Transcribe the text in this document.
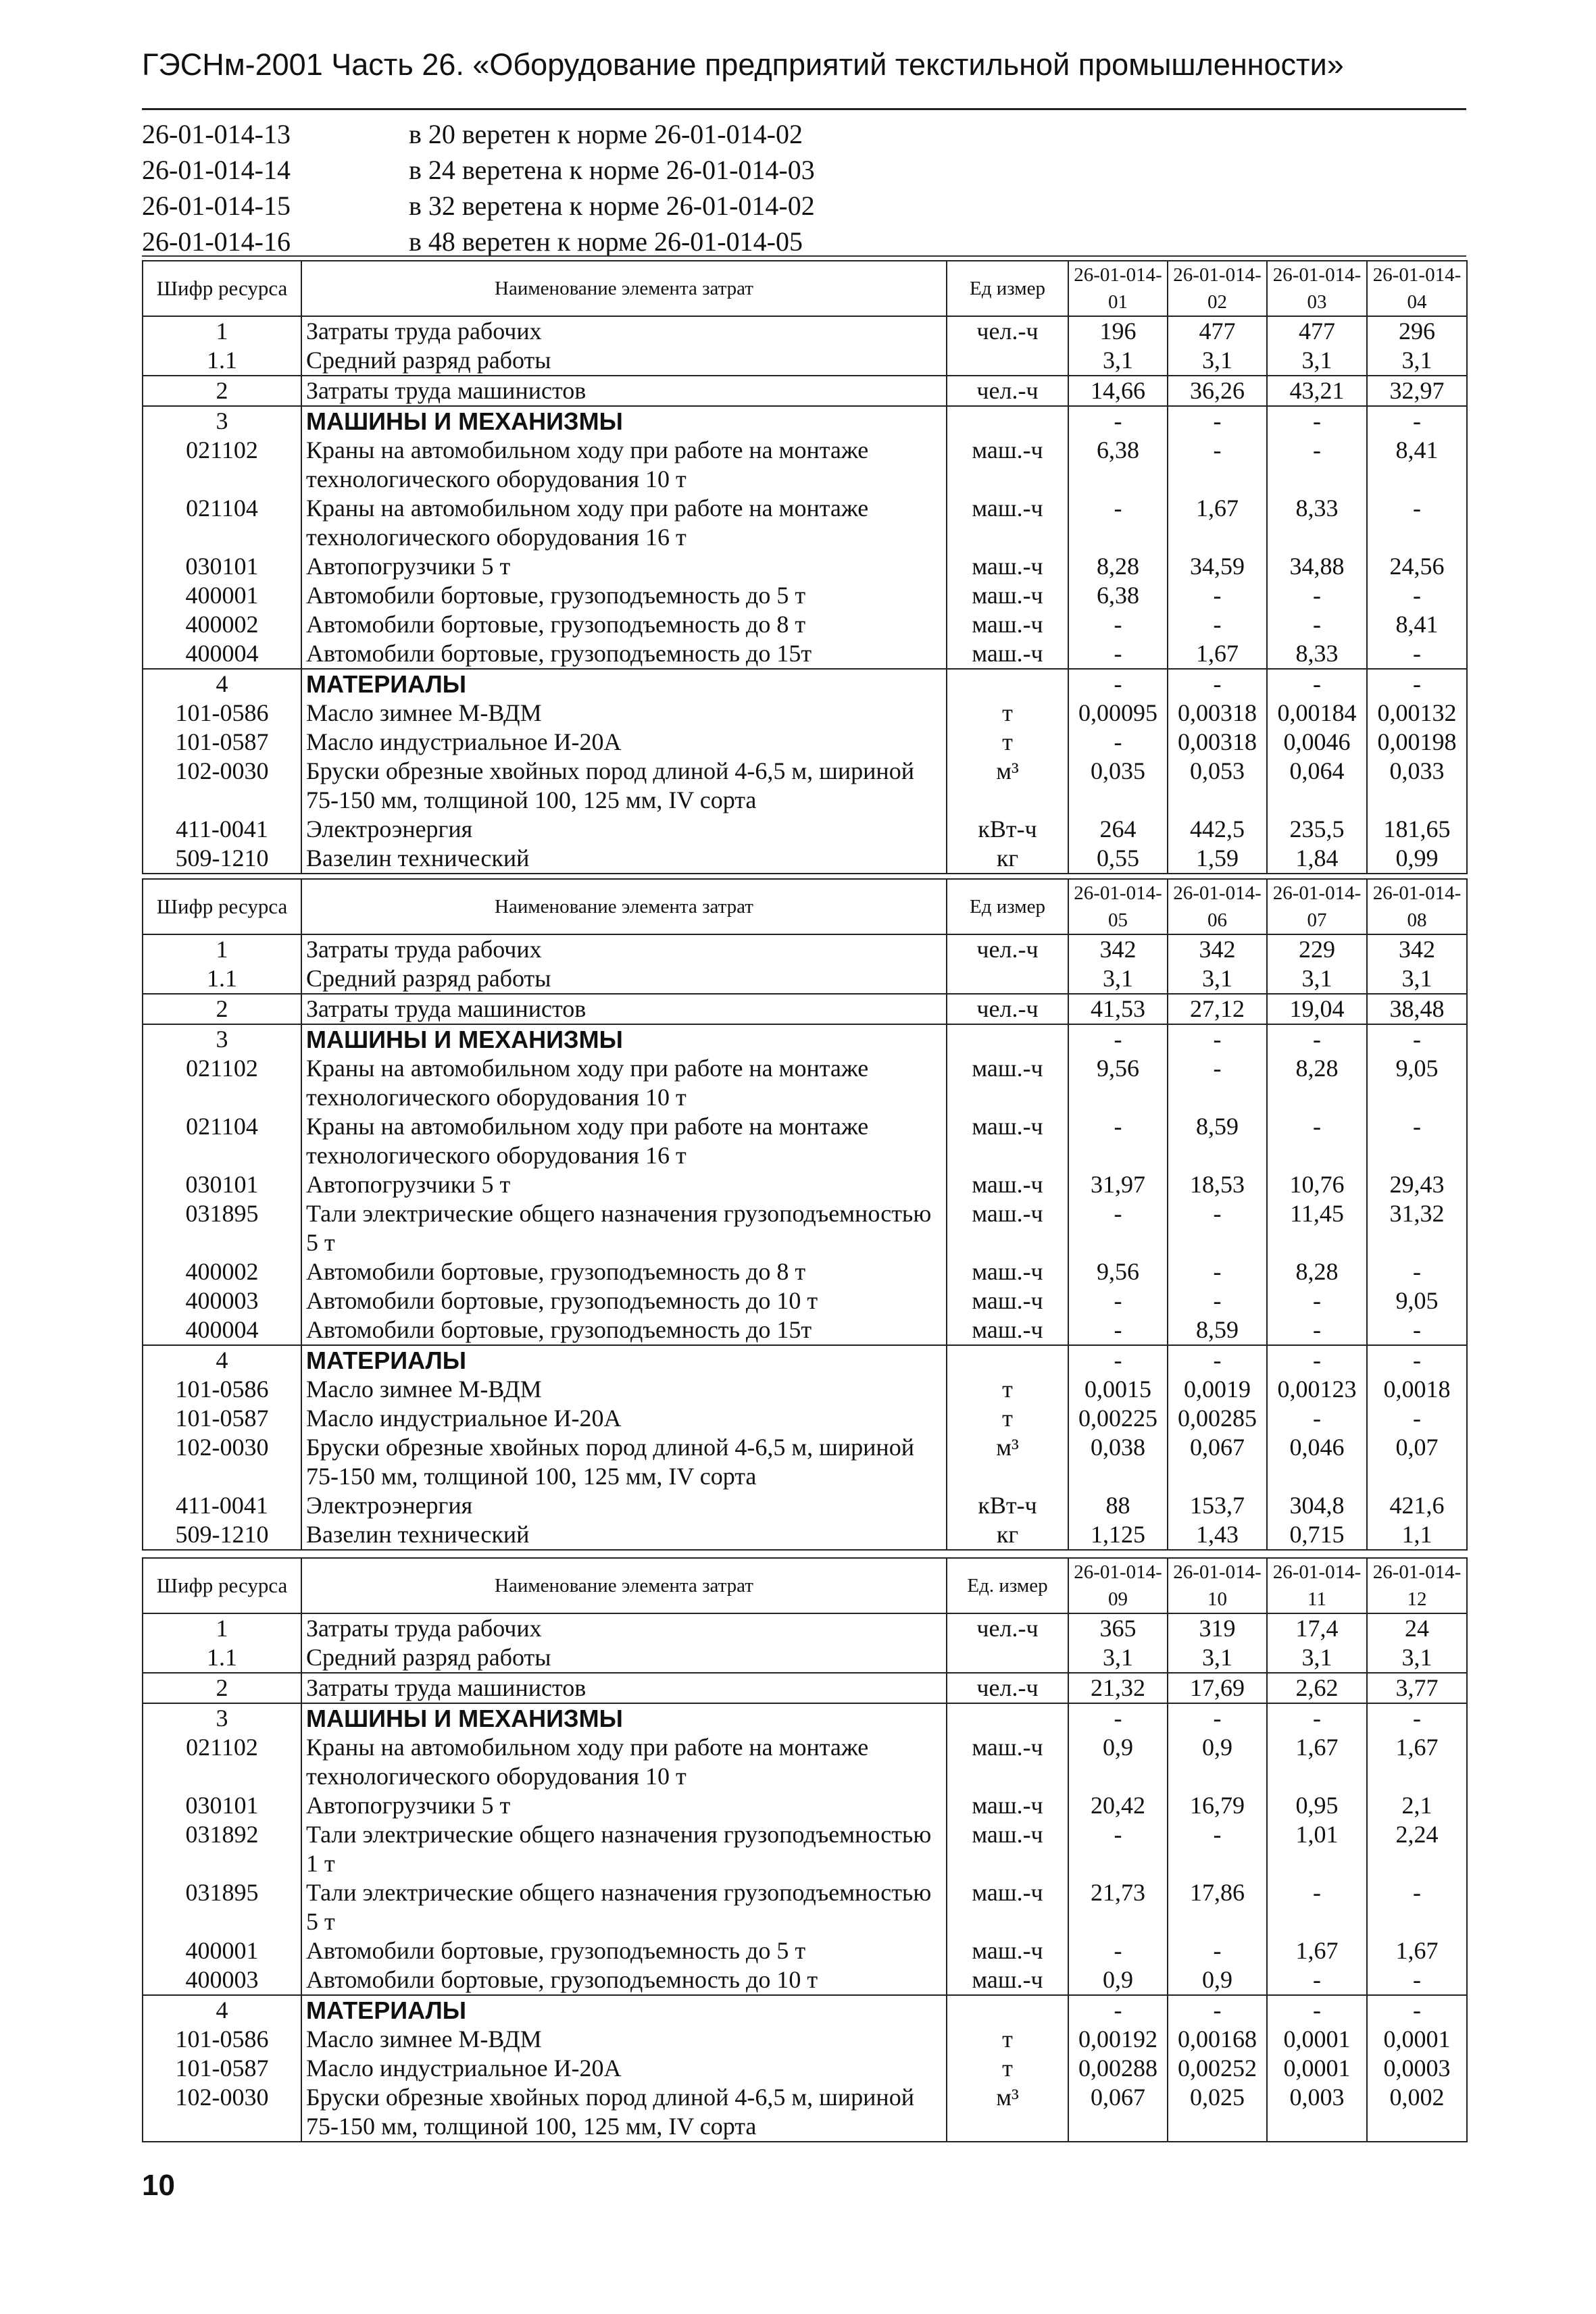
ГЭСНм-2001 Часть 26. «Оборудование предприятий текстильной промышленности»
26-01-014-13	в 20 веретен к норме 26-01-014-02
26-01-014-14	в 24 веретена к норме 26-01-014-03
26-01-014-15	в 32 веретена к норме 26-01-014-02
26-01-014-16	в 48 веретен к норме 26-01-014-05
Шифр ресурса	Наименование элемента затрат	Ед измер	26-01-014-01	26-01-014-02	26-01-014-03	26-01-014-04
1	Затраты труда рабочих	чел.-ч	196	477	477	296
1.1	Средний разряд работы		3,1	3,1	3,1	3,1
2	Затраты труда машинистов	чел.-ч	14,66	36,26	43,21	32,97
3	МАШИНЫ И МЕХАНИЗМЫ		-	-	-	-
021102	Краны на автомобильном ходу при работе на монтаже технологического оборудования 10 т	маш.-ч	6,38	-	-	8,41
021104	Краны на автомобильном ходу при работе на монтаже технологического оборудования 16 т	маш.-ч	-	1,67	8,33	-
030101	Автопогрузчики 5 т	маш.-ч	8,28	34,59	34,88	24,56
400001	Автомобили бортовые, грузоподъемность до 5 т	маш.-ч	6,38	-	-	-
400002	Автомобили бортовые, грузоподъемность до 8 т	маш.-ч	-	-	-	8,41
400004	Автомобили бортовые, грузоподъемность до 15т	маш.-ч	-	1,67	8,33	-
4	МАТЕРИАЛЫ		-	-	-	-
101-0586	Масло зимнее М-ВДМ	т	0,00095	0,00318	0,00184	0,00132
101-0587	Масло индустриальное И-20А	т	-	0,00318	0,0046	0,00198
102-0030	Бруски обрезные хвойных пород длиной 4-6,5 м, шириной 75-150 мм, толщиной 100, 125 мм, IV сорта	м³	0,035	0,053	0,064	0,033
411-0041	Электроэнергия	кВт-ч	264	442,5	235,5	181,65
509-1210	Вазелин технический	кг	0,55	1,59	1,84	0,99
Шифр ресурса	Наименование элемента затрат	Ед измер	26-01-014-05	26-01-014-06	26-01-014-07	26-01-014-08
1	Затраты труда рабочих	чел.-ч	342	342	229	342
1.1	Средний разряд работы		3,1	3,1	3,1	3,1
2	Затраты труда машинистов	чел.-ч	41,53	27,12	19,04	38,48
3	МАШИНЫ И МЕХАНИЗМЫ		-	-	-	-
021102	Краны на автомобильном ходу при работе на монтаже технологического оборудования 10 т	маш.-ч	9,56	-	8,28	9,05
021104	Краны на автомобильном ходу при работе на монтаже технологического оборудования 16 т	маш.-ч	-	8,59	-	-
030101	Автопогрузчики 5 т	маш.-ч	31,97	18,53	10,76	29,43
031895	Тали электрические общего назначения грузоподъемностью 5 т	маш.-ч	-	-	11,45	31,32
400002	Автомобили бортовые, грузоподъемность до 8 т	маш.-ч	9,56	-	8,28	-
400003	Автомобили бортовые, грузоподъемность до 10 т	маш.-ч	-	-	-	9,05
400004	Автомобили бортовые, грузоподъемность до 15т	маш.-ч	-	8,59	-	-
4	МАТЕРИАЛЫ		-	-	-	-
101-0586	Масло зимнее М-ВДМ	т	0,0015	0,0019	0,00123	0,0018
101-0587	Масло индустриальное И-20А	т	0,00225	0,00285	-	-
102-0030	Бруски обрезные хвойных пород длиной 4-6,5 м, шириной 75-150 мм, толщиной 100, 125 мм, IV сорта	м³	0,038	0,067	0,046	0,07
411-0041	Электроэнергия	кВт-ч	88	153,7	304,8	421,6
509-1210	Вазелин технический	кг	1,125	1,43	0,715	1,1
Шифр ресурса	Наименование элемента затрат	Ед. измер	26-01-014-09	26-01-014-10	26-01-014-11	26-01-014-12
1	Затраты труда рабочих	чел.-ч	365	319	17,4	24
1.1	Средний разряд работы		3,1	3,1	3,1	3,1
2	Затраты труда машинистов	чел.-ч	21,32	17,69	2,62	3,77
3	МАШИНЫ И МЕХАНИЗМЫ		-	-	-	-
021102	Краны на автомобильном ходу при работе на монтаже технологического оборудования 10 т	маш.-ч	0,9	0,9	1,67	1,67
030101	Автопогрузчики 5 т	маш.-ч	20,42	16,79	0,95	2,1
031892	Тали электрические общего назначения грузоподъемностью 1 т	маш.-ч	-	-	1,01	2,24
031895	Тали электрические общего назначения грузоподъемностью 5 т	маш.-ч	21,73	17,86	-	-
400001	Автомобили бортовые, грузоподъемность до 5 т	маш.-ч	-	-	1,67	1,67
400003	Автомобили бортовые, грузоподъемность до 10 т	маш.-ч	0,9	0,9	-	-
4	МАТЕРИАЛЫ		-	-	-	-
101-0586	Масло зимнее М-ВДМ	т	0,00192	0,00168	0,0001	0,0001
101-0587	Масло индустриальное И-20А	т	0,00288	0,00252	0,0001	0,0003
102-0030	Бруски обрезные хвойных пород длиной 4-6,5 м, шириной 75-150 мм, толщиной 100, 125 мм, IV сорта	м³	0,067	0,025	0,003	0,002
10
